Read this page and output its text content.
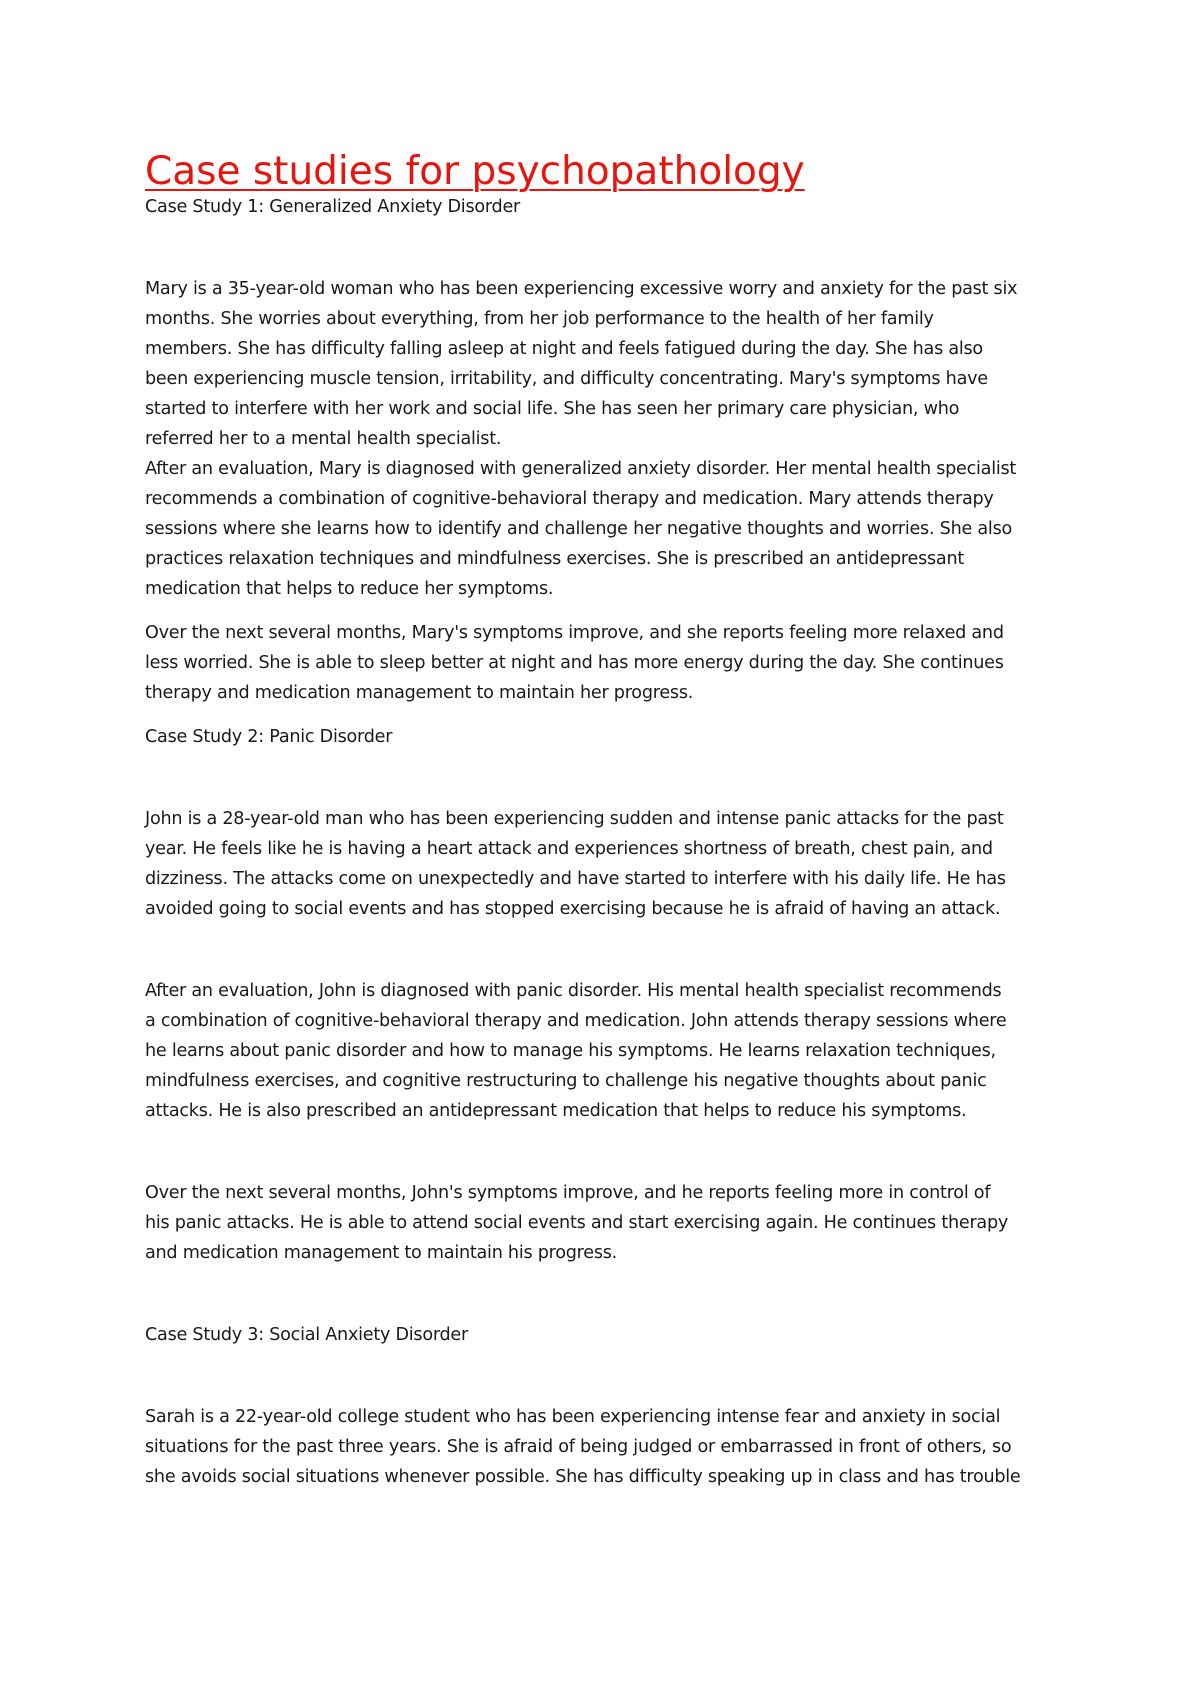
Case studies for psychopathology

Case Study 1: Generalized Anxiety Disorder

Mary is a 35-year-old woman who has been experiencing excessive worry and anxiety for the past six
months. She worries about everything, from her job performance to the health of her family
members. She has difficulty falling asleep at night and feels fatigued during the day. She has also
been experiencing muscle tension, irritability, and difficulty concentrating. Mary's symptoms have
started to interfere with her work and social life. She has seen her primary care physician, who
referred her to a mental health specialist.
After an evaluation, Mary is diagnosed with generalized anxiety disorder. Her mental health specialist
recommends a combination of cognitive-behavioral therapy and medication. Mary attends therapy
sessions where she learns how to identify and challenge her negative thoughts and worries. She also
practices relaxation techniques and mindfulness exercises. She is prescribed an antidepressant
medication that helps to reduce her symptoms.

Over the next several months, Mary's symptoms improve, and she reports feeling more relaxed and
less worried. She is able to sleep better at night and has more energy during the day. She continues
therapy and medication management to maintain her progress.

Case Study 2: Panic Disorder

John is a 28-year-old man who has been experiencing sudden and intense panic attacks for the past
year. He feels like he is having a heart attack and experiences shortness of breath, chest pain, and
dizziness. The attacks come on unexpectedly and have started to interfere with his daily life. He has
avoided going to social events and has stopped exercising because he is afraid of having an attack.

After an evaluation, John is diagnosed with panic disorder. His mental health specialist recommends
a combination of cognitive-behavioral therapy and medication. John attends therapy sessions where
he learns about panic disorder and how to manage his symptoms. He learns relaxation techniques,
mindfulness exercises, and cognitive restructuring to challenge his negative thoughts about panic
attacks. He is also prescribed an antidepressant medication that helps to reduce his symptoms.

Over the next several months, John's symptoms improve, and he reports feeling more in control of
his panic attacks. He is able to attend social events and start exercising again. He continues therapy
and medication management to maintain his progress.

Case Study 3: Social Anxiety Disorder

Sarah is a 22-year-old college student who has been experiencing intense fear and anxiety in social
situations for the past three years. She is afraid of being judged or embarrassed in front of others, so
she avoids social situations whenever possible. She has difficulty speaking up in class and has trouble
